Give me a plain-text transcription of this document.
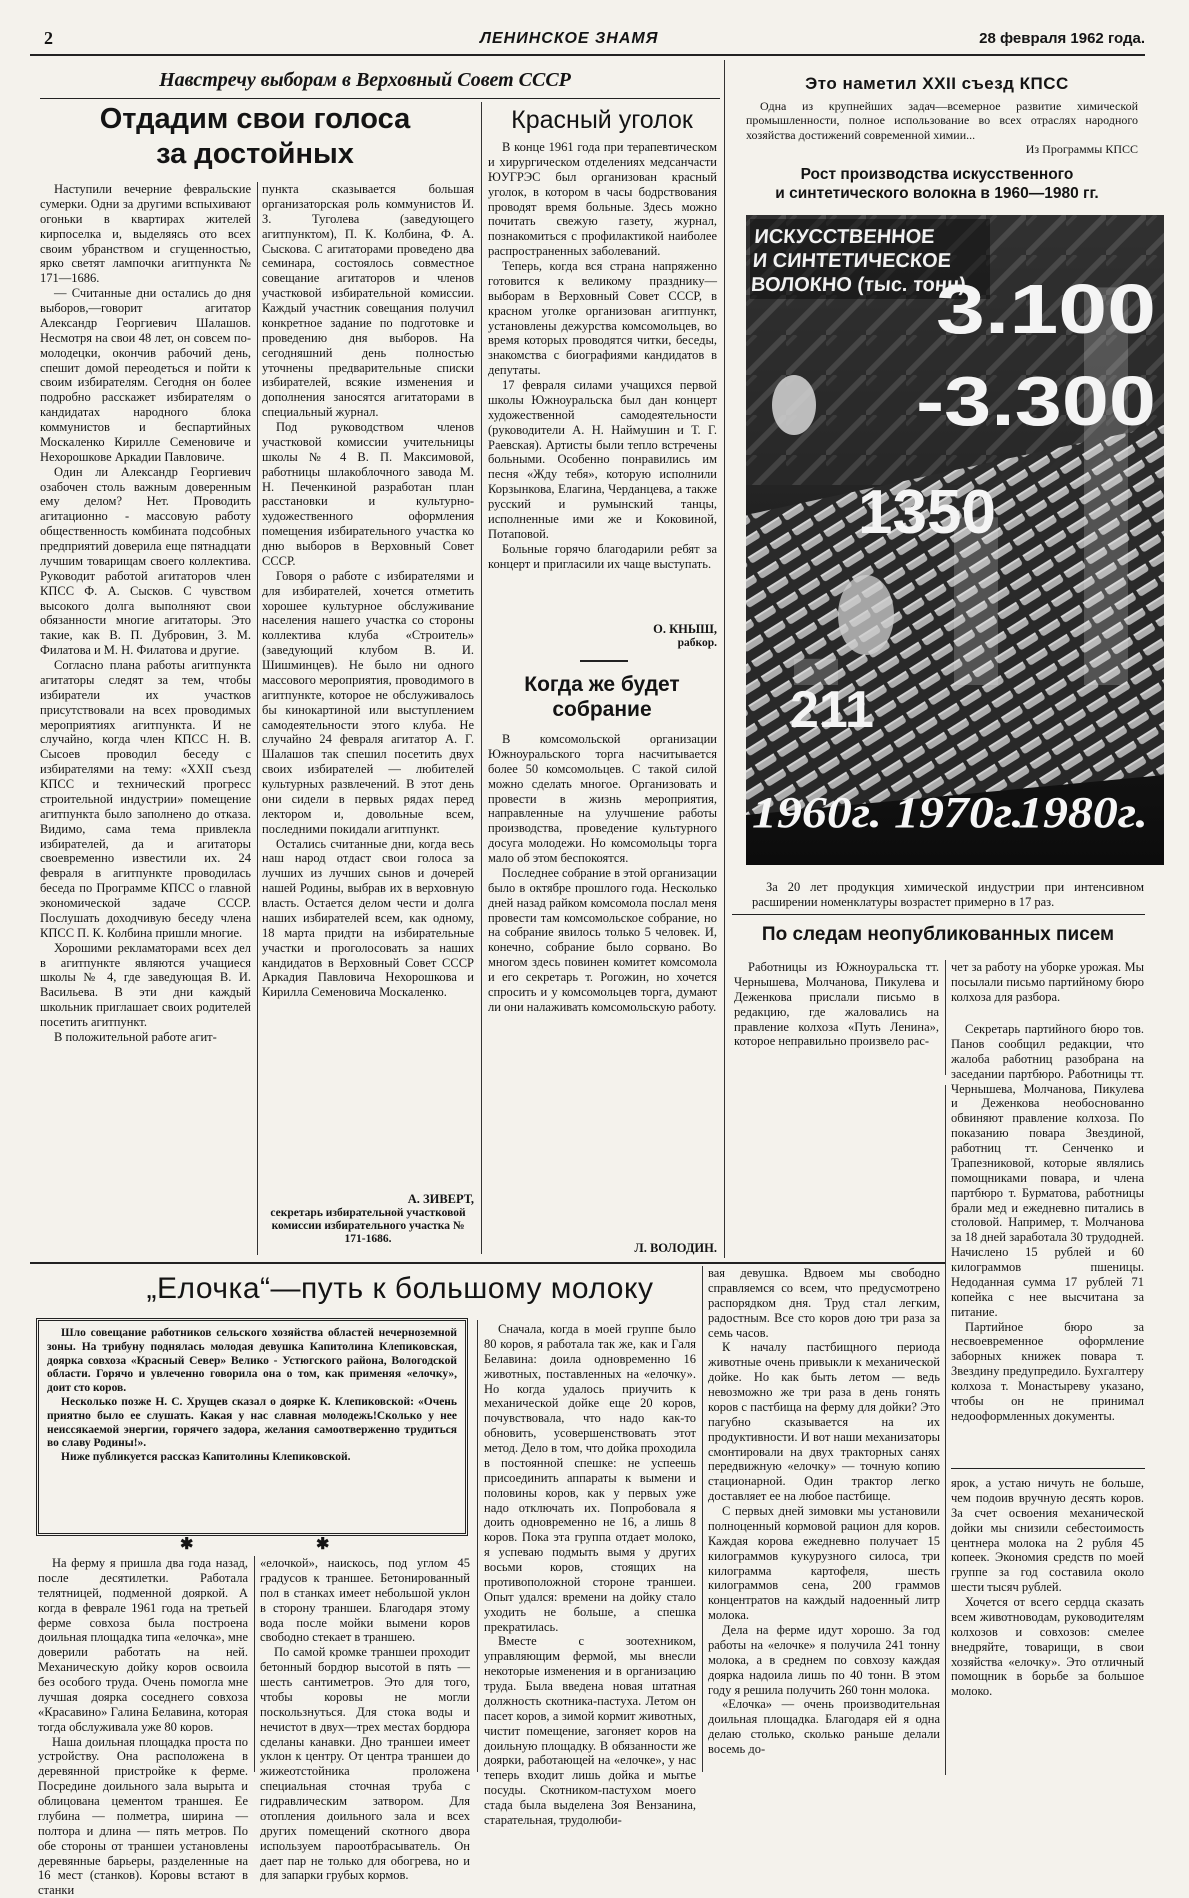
2	ЛЕНИНСКОЕ ЗНАМЯ	28 февраля 1962 года.
Навстречу выборам в Верховный Совет СССР
Отдадим свои голоса
за достойных

Наступили вечерние февральские сумерки. Одни за другими вспыхивают огоньки в квартирах жителей кирпоселка и, выделяясь ото всех своим убранством и сгущенностью, ярко светят лампочки агитпункта № 171—1686.

— Считанные дни остались до дня выборов,—говорит агитатор Александр Георгиевич Шалашов. Несмотря на свои 48 лет, он совсем по-молодецки, окончив рабочий день, спешит домой переодеться и пойти к своим избирателям. Сегодня он более подробно расскажет избирателям о кандидатах народного блока коммунистов и беспартийных Москаленко Кирилле Семеновиче и Нехорошкове Аркадии Павловиче.

Один ли Александр Георгиевич озабочен столь важным доверенным ему делом? Нет. Проводить агитационно - массовую работу общественность комбината подсобных предприятий доверила еще пятнадцати лучшим товарищам своего коллектива. Руководит работой агитаторов член КПСС Ф. А. Сысков. С чувством высокого долга выполняют свои обязанности многие агитаторы. Это такие, как В. П. Дубровин, З. М. Филатова и М. Н. Филатова и другие.

Согласно плана работы агитпункта агитаторы следят за тем, чтобы избиратели их участков присутствовали на всех проводимых мероприятиях агитпункта. И не случайно, когда член КПСС Н. В. Сысоев проводил беседу с избирателями на тему: «XXII съезд КПСС и технический прогресс строительной индустрии» помещение агитпункта было заполнено до отказа. Видимо, сама тема привлекла избирателей, да и агитаторы своевременно известили их. 24 февраля в агитпункте проводилась беседа по Программе КПСС о главной экономической задаче СССР. Послушать доходчивую беседу члена КПСС П. К. Колбина пришли многие.

Хорошими рекламаторами всех дел в агитпункте являются учащиеся школы № 4, где заведующая В. И. Васильева. В эти дни каждый школьник приглашает своих родителей посетить агитпункт.

В положительной работе агит-

пункта сказывается большая организаторская роль коммунистов И. З. Туголева (заведующего агитпунктом), П. К. Колбина, Ф. А. Сыскова. С агитаторами проведено два семинара, состоялось совместное совещание агитаторов и членов участковой избирательной комиссии. Каждый участник совещания получил конкретное задание по подготовке и проведению дня выборов. На сегодняшний день полностью уточнены предварительные списки избирателей, всякие изменения и дополнения заносятся агитаторами в специальный журнал.

Под руководством членов участковой комиссии учительницы школы № 4 В. П. Максимовой, работницы шлакоблочного завода М. Н. Печенкиной разработан план расстановки и культурно-художественного оформления помещения избирательного участка ко дню выборов в Верховный Совет СССР.

Говоря о работе с избирателями и для избирателей, хочется отметить хорошее культурное обслуживание населения нашего участка со стороны коллектива клуба «Строитель» (заведующий клубом В. И. Шишминцев). Не было ни одного массового мероприятия, проводимого в агитпункте, которое не обслуживалось бы кинокартиной или выступлением самодеятельности этого клуба. Не случайно 24 февраля агитатор А. Г. Шалашов так спешил посетить двух своих избирателей — любителей культурных развлечений. В этот день они сидели в первых рядах перед лектором и, довольные всем, последними покидали агитпункт.

Остались считанные дни, когда весь наш народ отдаст свои голоса за лучших из лучших сынов и дочерей нашей Родины, выбрав их в верховную власть. Остается делом чести и долга наших избирателей всем, как одному, 18 марта придти на избирательные участки и проголосовать за наших кандидатов в Верховный Совет СССР Аркадия Павловича Нехорошкова и Кирилла Семеновича Москаленко.

А. ЗИВЕРТ,

секретарь избирательной участковой комиссии избирательного участка № 171-1686.

Красный уголок

В конце 1961 года при терапевтическом и хирургическом отделениях медсанчасти ЮУГРЭС был организован красный уголок, в котором в часы бодрствования проводят время больные. Здесь можно почитать свежую газету, журнал, познакомиться с профилактикой наиболее распространенных заболеваний.

Теперь, когда вся страна напряженно готовится к великому празднику—выборам в Верховный Совет СССР, в красном уголке организован агитпункт, установлены дежурства комсомольцев, во время которых проводятся читки, беседы, знакомства с биографиями кандидатов в депутаты.

17 февраля силами учащихся первой школы Южноуральска был дан концерт художественной самодеятельности (руководители А. Н. Наймушин и Т. Г. Раевская). Артисты были тепло встречены больными. Особенно понравились им песня «Жду тебя», которую исполнили Корзынкова, Елагина, Черданцева, а также русский и румынский танцы, исполненные ими же и Коковиной, Потаповой.

Больные горячо благодарили ребят за концерт и пригласили их чаще выступать.

О. КНЫШ,

рабкор.

Когда же будет
собрание

В комсомольской организации Южноуральского торга насчитывается более 50 комсомольцев. С такой силой можно сделать многое. Организовать и провести в жизнь мероприятия, направленные на улучшение работы производства, проведение культурного досуга молодежи. Но комсомольцы торга мало об этом беспокоятся.

Последнее собрание в этой организации было в октябре прошлого года. Несколько дней назад райком комсомола послал меня провести там комсомольское собрание, но на собрание явилось только 5 человек. И, конечно, собрание было сорвано. Во многом здесь повинен комитет комсомола и его секретарь т. Рогожин, но хочется спросить и у комсомольцев торга, думают ли они налаживать комсомольскую работу.

Л. ВОЛОДИН.

Это наметил XXII съезд КПСС

Одна из крупнейших задач—всемерное развитие химической промышленности, полное использование во всех отраслях народного хозяйства достижений современной химии...

Из Программы КПСС

Рост производства искусственного
и синтетического волокна в 1960—1980 гг.
ИСКУССТВЕННОЕ
И СИНТЕТИЧЕСКОЕ
ВОЛОКНО (тыс. тонн)
211
1350
3.100
-3.300
1960г. 1970г.
1980г.

За 20 лет продукция химической индустрии при интенсивном расширении номенклатуры возрастет примерно в 17 раз.

По следам неопубликованных писем

Работницы из Южноуральска тт. Чернышева, Молчанова, Пикулева и Деженкова прислали письмо в редакцию, где жаловались на правление колхоза «Путь Ленина», которое неправильно произвело рас-

чет за работу на уборке урожая. Мы посылали письмо партийному бюро колхоза для разбора.

Секретарь партийного бюро тов. Панов сообщил редакции, что жалоба работниц разобрана на заседании партбюро. Работницы тт. Чернышева, Молчанова, Пикулева и Деженкова необоснованно обвиняют правление колхоза. По показанию повара Звездиной, работниц тт. Сенченко и Трапезниковой, которые являлись помощниками повара, и члена партбюро т. Бурматова, работницы брали мед и ежедневно питались в столовой. Например, т. Молчанова за 18 дней заработала 30 трудодней. Начислено 15 рублей и 60 килограммов пшеницы. Недоданная сумма 17 рублей 71 копейка с нее высчитана за питание.

Партийное бюро за несвоевременное оформление заборных книжек повара т. Звездину предупредило. Бухгалтеру колхоза т. Монастыреву указано, чтобы он не принимал недооформленных документы.

„Елочка“—путь к большому молоку

Шло совещание работников сельского хозяйства областей нечерноземной зоны. На трибуну поднялась молодая девушка Капитолина Клепиковская, доярка совхоза «Красный Север» Велико - Устюгского района, Вологодской области. Горячо и увлеченно говорила она о том, как применяя «елочку», доит сто коров.

Несколько позже Н. С. Хрущев сказал о доярке К. Клепиковской: «Очень приятно было ее слушать. Какая у нас славная молодежь!Сколько у нее неиссякаемой энергии, горячего задора, желания самоотверженно трудиться во славу Родины!».

Ниже публикуется рассказ Капитолины Клепиковской.

✱	✱

На ферму я пришла два года назад, после десятилетки. Работала телятницей, подменной дояркой. А когда в феврале 1961 года на третьей ферме совхоза была построена доильная площадка типа «елочка», мне доверили работать на ней. Механическую дойку коров освоила без особого труда. Очень помогла мне лучшая доярка соседнего совхоза «Красавино» Галина Белавина, которая тогда обслуживала уже 80 коров.

Наша доильная площадка проста по устройству. Она расположена в деревянной пристройке к ферме. Посредине доильного зала вырыта и облицована цементом траншея. Ее глубина — полметра, ширина — полтора и длина — пять метров. По обе стороны от траншеи установлены деревянные барьеры, разделенные на 16 мест (станков). Коровы встают в станки

«елочкой», наискось, под углом 45 градусов к траншее. Бетонированный пол в станках имеет небольшой уклон в сторону траншеи. Благодаря этому вода после мойки вымени коров свободно стекает в траншею.

По самой кромке траншеи проходит бетонный бордюр высотой в пять — шесть сантиметров. Это для того, чтобы коровы не могли поскользнуться. Для стока воды и нечистот в двух—трех местах бордюра сделаны канавки. Дно траншеи имеет уклон к центру. От центра траншеи до жижеотстойника проложена специальная сточная труба с гидравлическим затвором. Для отопления доильного зала и всех других помещений скотного двора используем пароотбрасыватель. Он дает пар не только для обогрева, но и для запарки грубых кормов.

Сначала, когда в моей группе было 80 коров, я работала так же, как и Галя Белавина: доила одновременно 16 животных, поставленных на «елочку». Но когда удалось приучить к механической дойке еще 20 коров, почувствовала, что надо как-то обновить, усовершенствовать этот метод. Дело в том, что дойка проходила в постоянной спешке: не успеешь присоединить аппараты к вымени и половины коров, как у первых уже надо отключать их. Попробовала я доить одновременно не 16, а лишь 8 коров. Пока эта группа отдает молоко, я успеваю подмыть вымя у других восьми коров, стоящих на противоположной стороне траншеи. Опыт удался: времени на дойку стало уходить не больше, а спешка прекратилась.

Вместе с зоотехником, управляющим фермой, мы внесли некоторые изменения и в организацию труда. Была введена новая штатная должность скотника-пастуха. Летом он пасет коров, а зимой кормит животных, чистит помещение, загоняет коров на доильную площадку. В обязанности же доярки, работающей на «елочке», у нас теперь входит лишь дойка и мытье посуды. Скотником-пастухом моего стада была выделена Зоя Вензанина, старательная, трудолюби-

вая девушка. Вдвоем мы свободно справляемся со всем, что предусмотрено распорядком дня. Труд стал легким, радостным. Все сто коров дою три раза за семь часов.

К началу пастбищного периода животные очень привыкли к механической дойке. Но как быть летом — ведь невозможно же три раза в день гонять коров с пастбища на ферму для дойки? Это пагубно сказывается на их продуктивности. И вот наши механизаторы смонтировали на двух тракторных санях передвижную «елочку» — точную копию стационарной. Один трактор легко доставляет ее на любое пастбище.

С первых дней зимовки мы установили полноценный кормовой рацион для коров. Каждая корова ежедневно получает 15 килограммов кукурузного силоса, три килограмма картофеля, шесть килограммов сена, 200 граммов концентратов на каждый надоенный литр молока.

Дела на ферме идут хорошо. За год работы на «елочке» я получила 241 тонну молока, а в среднем по совхозу каждая доярка надоила лишь по 40 тонн. В этом году я решила получить 260 тонн молока.

«Елочка» — очень производительная доильная площадка. Благодаря ей я одна делаю столько, сколько раньше делали восемь до-

ярок, а устаю ничуть не больше, чем подоив вручную десять коров. За счет освоения механической дойки мы снизили себестоимость центнера молока на 2 рубля 45 копеек. Экономия средств по моей группе за год составила около шести тысяч рублей.

Хочется от всего сердца сказать всем животноводам, руководителям колхозов и совхозов: смелее внедряйте, товарищи, в свои хозяйства «елочку». Это отличный помощник в борьбе за большое молоко.
